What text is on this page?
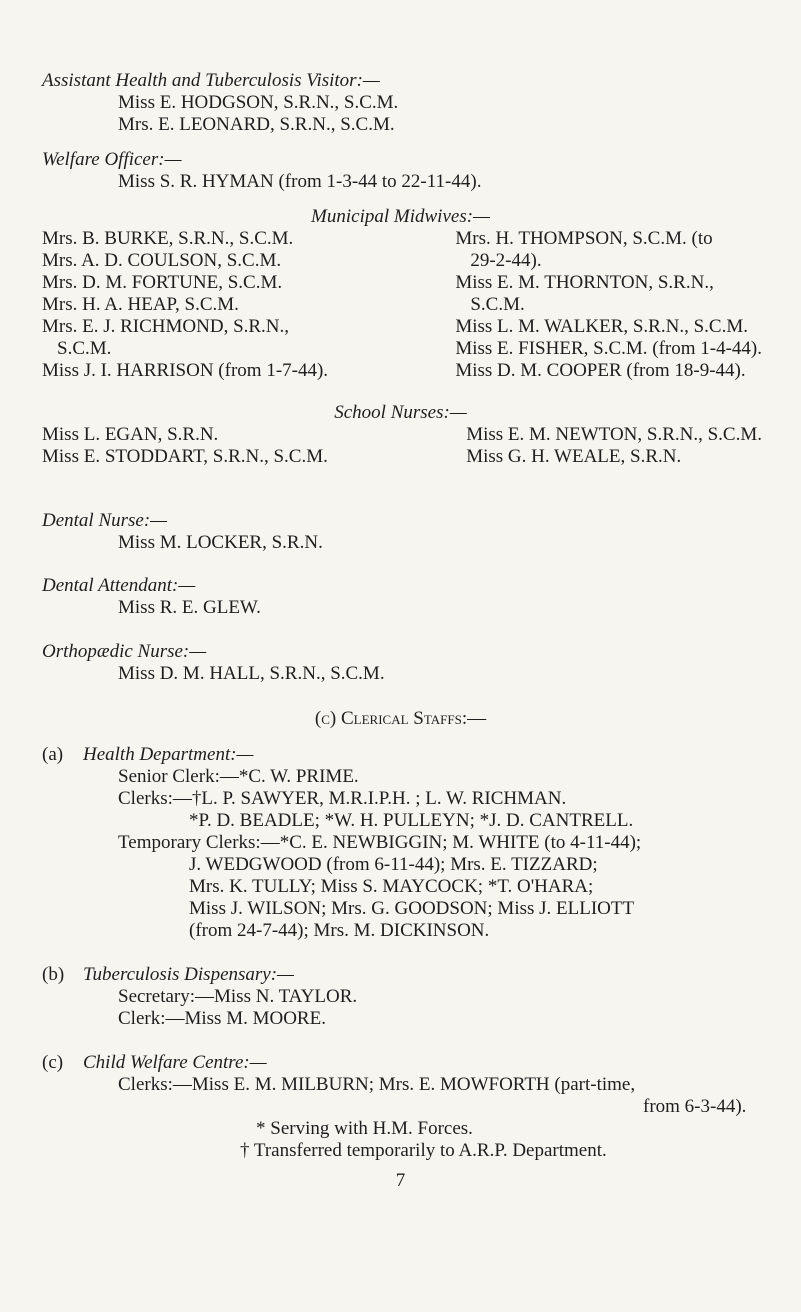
Assistant Health and Tuberculosis Visitor:—
Miss E. HODGSON, S.R.N., S.C.M.
Mrs. E. LEONARD, S.R.N., S.C.M.
Welfare Officer:—
Miss S. R. HYMAN (from 1-3-44 to 22-11-44).
Municipal Midwives:—
Mrs. B. BURKE, S.R.N., S.C.M.
Mrs. A. D. COULSON, S.C.M.
Mrs. D. M. FORTUNE, S.C.M.
Mrs. H. A. HEAP, S.C.M.
Mrs. E. J. RICHMOND, S.R.N.,
S.C.M.
Miss J. I. HARRISON (from 1-7-44).
Mrs. H. THOMPSON, S.C.M. (to
29-2-44).
Miss E. M. THORNTON, S.R.N.,
S.C.M.
Miss L. M. WALKER, S.R.N., S.C.M.
Miss E. FISHER, S.C.M. (from 1-4-44).
Miss D. M. COOPER (from 18-9-44).
School Nurses:—
Miss L. EGAN, S.R.N.
Miss E. STODDART, S.R.N., S.C.M.
Miss E. M. NEWTON, S.R.N., S.C.M.
Miss G. H. WEALE, S.R.N.
Dental Nurse:—
Miss M. LOCKER, S.R.N.
Dental Attendant:—
Miss R. E. GLEW.
Orthopædic Nurse:—
Miss D. M. HALL, S.R.N., S.C.M.
(c) Clerical Staffs:—
(a) Health Department:—
Senior Clerk:—*C. W. PRIME.
Clerks:—†L. P. SAWYER, M.R.I.P.H. ; L. W. RICHMAN.
*P. D. BEADLE; *W. H. PULLEYN; *J. D. CANTRELL.
Temporary Clerks:—*C. E. NEWBIGGIN; M. WHITE (to 4-11-44);
J. WEDGWOOD (from 6-11-44); Mrs. E. TIZZARD;
Mrs. K. TULLY; Miss S. MAYCOCK; *T. O'HARA;
Miss J. WILSON; Mrs. G. GOODSON; Miss J. ELLIOTT
(from 24-7-44); Mrs. M. DICKINSON.
(b) Tuberculosis Dispensary:—
Secretary:—Miss N. TAYLOR.
Clerk:—Miss M. MOORE.
(c) Child Welfare Centre:—
Clerks:—Miss E. M. MILBURN; Mrs. E. MOWFORTH (part-time,
from 6-3-44).
* Serving with H.M. Forces.
† Transferred temporarily to A.R.P. Department.
7
